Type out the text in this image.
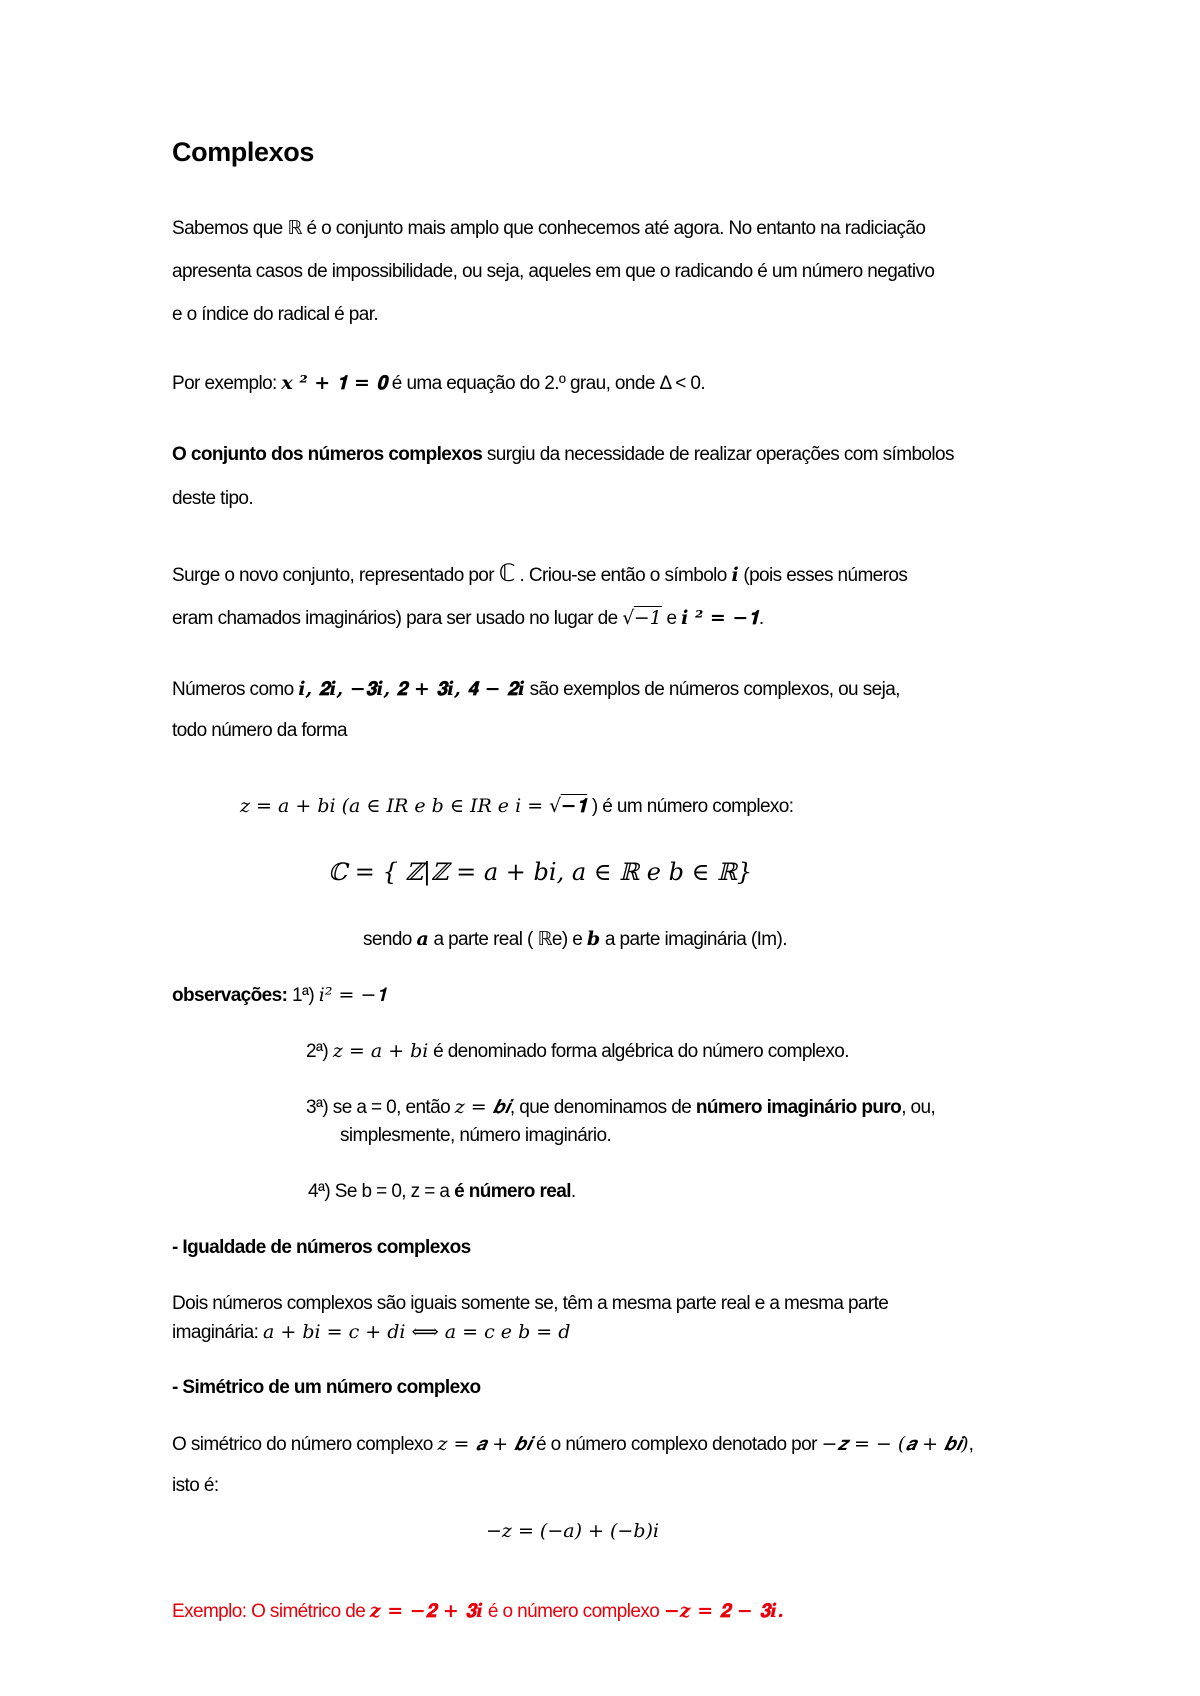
Complexos
Sabemos que ℝ é o conjunto mais amplo que conhecemos até agora. No entanto na radiciação
apresenta casos de impossibilidade, ou seja, aqueles em que o radicando é um número negativo
e o índice do radical é par.
Por exemplo: 𝒙 ² + 𝟏 = 𝟎 é uma equação do 2.º grau, onde Δ < 0.
O conjunto dos números complexos surgiu da necessidade de realizar operações com símbolos
deste tipo.
Surge o novo conjunto, representado por ℂ . Criou-se então o símbolo 𝒊 (pois esses números
eram chamados imaginários) para ser usado no lugar de √−1 e 𝒊 ² = −𝟏.
Números como 𝒊, 𝟐𝒊, −𝟑𝒊, 𝟐 + 𝟑𝒊, 𝟒 − 𝟐𝒊 são exemplos de números complexos, ou seja,
todo número da forma
𝑧 = 𝑎 + 𝑏𝑖 (𝑎 ∈ 𝐼𝑅 𝑒 𝑏 ∈ 𝐼𝑅 𝑒 𝑖 = √−𝟏 ) é um número complexo:
ℂ = { ℤ|ℤ = 𝑎 + 𝑏𝑖, 𝑎 ∈ ℝ 𝑒 𝑏 ∈ ℝ}
sendo 𝒂 a parte real ( ℝe) e 𝒃 a parte imaginária (Im).
observações: 1ª) 𝑖² = −𝟏
2ª) 𝑧 = 𝑎 + 𝑏𝑖 é denominado forma algébrica do número complexo.
3ª) se a = 0, então 𝑧 = 𝒃𝒊, que denominamos de número imaginário puro, ou,
simplesmente, número imaginário.
4ª) Se b = 0, z = a é número real.
- Igualdade de números complexos
Dois números complexos são iguais somente se, têm a mesma parte real e a mesma parte
imaginária: 𝑎 + 𝑏𝑖 = 𝑐 + 𝑑𝑖 ⟺ 𝑎 = 𝑐 𝑒 𝑏 = 𝑑
- Simétrico de um número complexo
O simétrico do número complexo 𝑧 = 𝒂 + 𝒃𝒊 é o número complexo denotado por −𝒛 = − (𝒂 + 𝒃𝒊),
isto é:
−𝑧 = (−𝑎) + (−𝑏)𝑖
Exemplo: O simétrico de 𝒛 = −𝟐 + 𝟑𝒊 é o número complexo −𝒛 = 𝟐 − 𝟑𝒊.
